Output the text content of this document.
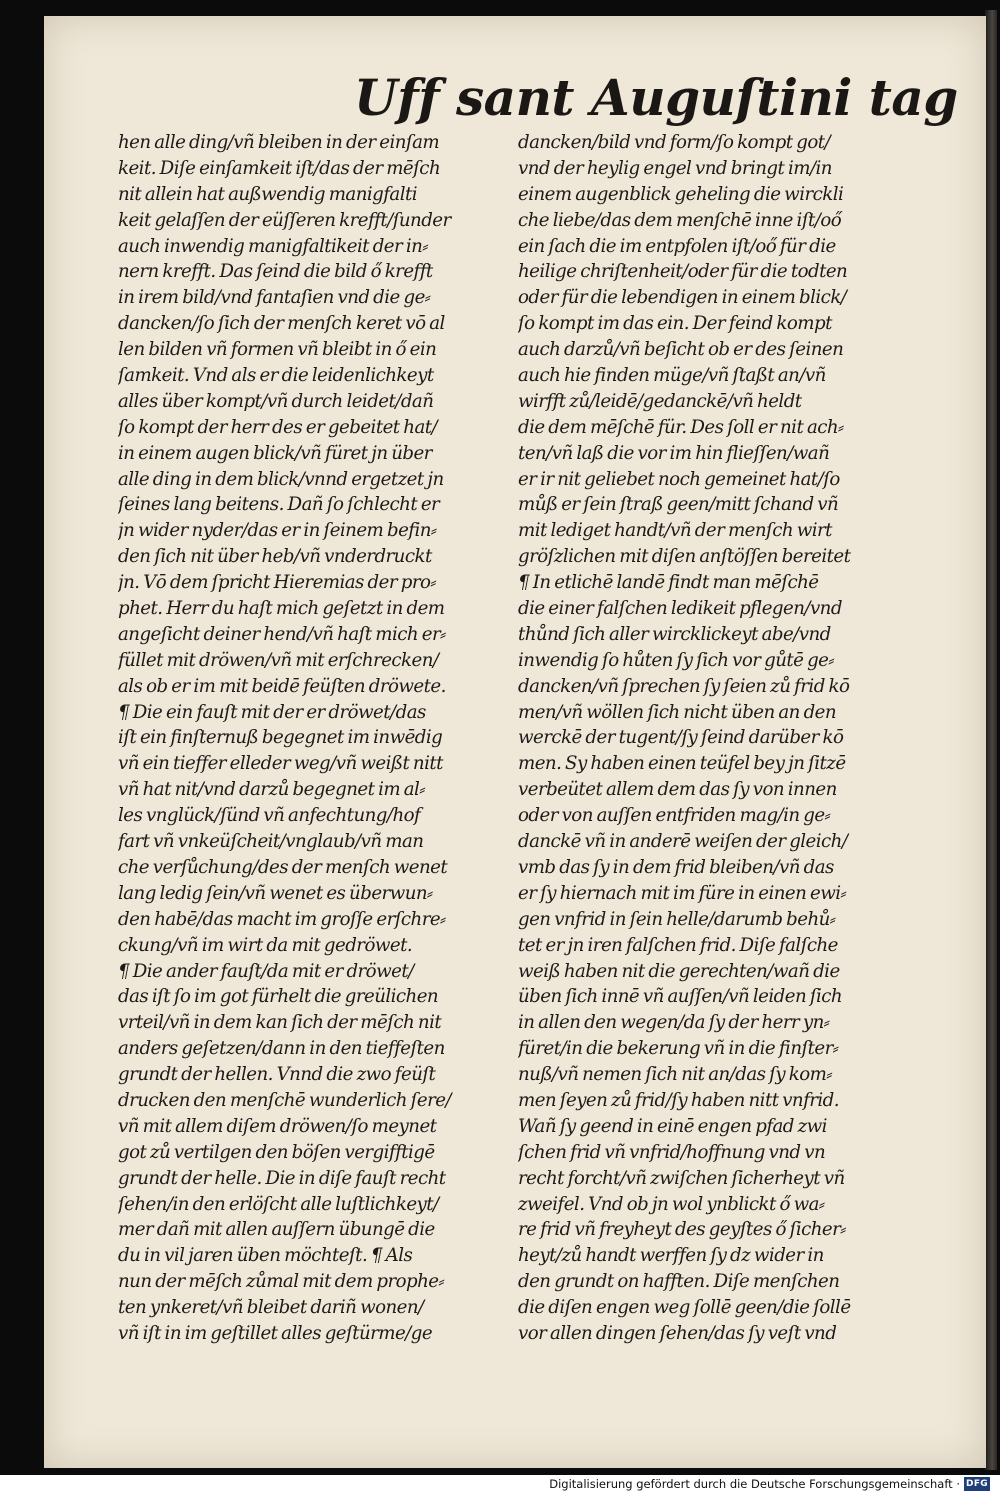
Uff sant Auguſtini tag
hen alle ding/vñ bleiben in der einſam
keit. Diſe einſamkeit iſt/das der mēſch
nit allein hat außwendig manigfalti
keit gelaſſen der eüſſeren krefft/ſunder
auch inwendig manigfaltikeit der in⸗
nern krefft. Das ſeind die bild ő krefft
in irem bild/vnd fantaſien vnd die ge⸗
dancken/ſo ſich der menſch keret vō al
len bilden vñ formen vñ bleibt in ő ein
ſamkeit. Vnd als er die leidenlichkeyt
alles über kompt/vñ durch leidet/dañ
ſo kompt der herr des er gebeitet hat/
in einem augen blick/vñ füret jn über
alle ding in dem blick/vnnd ergetzet jn
ſeines lang beitens. Dañ ſo ſchlecht er
jn wider nyder/das er in ſeinem befin⸗
den ſich nit über heb/vñ vnderdruckt
jn. Vō dem ſpricht Hieremias der pro⸗
phet. Herr du haſt mich geſetzt in dem
angeſicht deiner hend/vñ haſt mich er⸗
füllet mit dröwen/vñ mit erſchrecken/
als ob er im mit beidē feüſten dröwete.
¶ Die ein fauſt mit der er dröwet/das
iſt ein finſternuß begegnet im inwēdig
vñ ein tieffer elleder weg/vñ weißt nitt
vñ hat nit/vnd darzů begegnet im al⸗
les vnglück/ſünd vñ anfechtung/hof
fart vñ vnkeüſcheit/vnglaub/vñ man
che verſůchung/des der menſch wenet
lang ledig ſein/vñ wenet es überwun⸗
den habē/das macht im groſſe erſchre⸗
ckung/vñ im wirt da mit gedröwet.
¶ Die ander fauſt/da mit er dröwet/
das iſt ſo im got fürhelt die greülichen
vrteil/vñ in dem kan ſich der mēſch nit
anders geſetzen/dann in den tieffeſten
grundt der hellen. Vnnd die zwo feüſt
drucken den menſchē wunderlich ſere/
vñ mit allem diſem dröwen/ſo meynet
got zů vertilgen den böſen vergifftigē
grundt der helle. Die in diſe fauſt recht
ſehen/in den erlöſcht alle luſtlichkeyt/
mer dañ mit allen auſſern übungē die
du in vil jaren üben möchteſt. ¶ Als
nun der mēſch zůmal mit dem prophe⸗
ten ynkeret/vñ bleibet dariñ wonen/
vñ iſt in im geſtillet alles geſtürme/ge
dancken/bild vnd form/ſo kompt got/
vnd der heylig engel vnd bringt im/in
einem augenblick geheling die wirckli
che liebe/das dem menſchē inne iſt/oő
ein ſach die im entpfolen iſt/oő für die
heilige chriſtenheit/oder für die todten
oder für die lebendigen in einem blick/
ſo kompt im das ein. Der feind kompt
auch darzů/vñ beſicht ob er des ſeinen
auch hie finden müge/vñ ſtaßt an/vñ
wirfft zů/leidē/gedanckē/vñ heldt
die dem mēſchē für. Des ſoll er nit ach⸗
ten/vñ laß die vor im hin flieſſen/wañ
er ir nit geliebet noch gemeinet hat/ſo
můß er ſein ſtraß geen/mitt ſchand vñ
mit lediget handt/vñ der menſch wirt
gröſzlichen mit diſen anſtöſſen bereitet
¶ In etlichē landē findt man mēſchē
die einer falſchen ledikeit pflegen/vnd
thůnd ſich aller wircklickeyt abe/vnd
inwendig ſo hůten ſy ſich vor gůtē ge⸗
dancken/vñ ſprechen ſy ſeien zů frid kō
men/vñ wöllen ſich nicht üben an den
werckē der tugent/ſy ſeind darüber kō
men. Sy haben einen teüfel bey jn ſitzē
verbeütet allem dem das ſy von innen
oder von auſſen entfriden mag/in ge⸗
danckē vñ in anderē weiſen der gleich/
vmb das ſy in dem frid bleiben/vñ das
er ſy hiernach mit im füre in einen ewi⸗
gen vnfrid in ſein helle/darumb behů⸗
tet er jn iren falſchen frid. Diſe falſche
weiß haben nit die gerechten/wañ die
üben ſich innē vñ auſſen/vñ leiden ſich
in allen den wegen/da ſy der herr yn⸗
füret/in die bekerung vñ in die finſter⸗
nuß/vñ nemen ſich nit an/das ſy kom⸗
men ſeyen zů frid/ſy haben nitt vnfrid.
Wañ ſy geend in einē engen pfad zwi
ſchen frid vñ vnfrid/hoffnung vnd vn
recht forcht/vñ zwiſchen ſicherheyt vñ
zweifel. Vnd ob jn wol ynblickt ő wa⸗
re frid vñ freyheyt des geyſtes ő ſicher⸗
heyt/zů handt werffen ſy dz wider in
den grundt on hafften. Diſe menſchen
die diſen engen weg ſollē geen/die ſollē
vor allen dingen ſehen/das ſy veſt vnd
Digitalisierung gefördert durch die Deutsche Forschungsgemeinschaft · DFG
